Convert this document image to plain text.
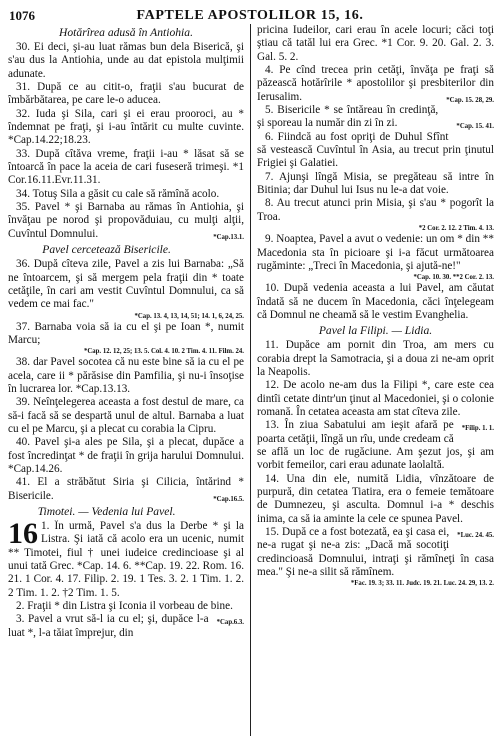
1076	FAPTELE APOSTOLILOR 15, 16.
Hotărîrea adusă în Antiohia.
30. Ei deci, şi-au luat rămas bun dela Biserică, şi s'au dus la Antiohia, unde au dat epistola mulţimii adunate.
31. După ce au citit-o, fraţii s'au bucurat de îmbărbătarea, pe care le-o aducea.
32. Iuda şi Sila, cari şi ei erau prooroci, au * îndemnat pe fraţi, şi i-au întărit cu multe cuvinte. *Cap.14.22;18.23.
33. După cîtăva vreme, fraţii i-au * lăsat să se întoarcă în pace la aceia de cari fuseseră trimeşi. *1 Cor.16.11.Evr.11.31.
34. Totuş Sila a găsit cu cale să rămînă acolo.
35. Pavel * şi Barnaba au rămas în Antiohia, şi învăţau pe norod şi propovăduiau, cu mulţi alţii, Cuvîntul Domnului.	*Cap.13.1.
Pavel cercetează Bisericile.
36. După cîteva zile, Pavel a zis lui Barnaba: „Să ne întoarcem, şi să mergem pela fraţii din * toate cetăţile, în cari am vestit Cuvîntul Domnului, ca să vedem ce mai fac."
*Cap. 13. 4, 13, 14, 51; 14. 1, 6, 24, 25.
37. Barnaba voia să ia cu el şi pe Ioan *, numit Marcu;
*Cap. 12. 12, 25; 13. 5. Col. 4. 10. 2 Tim. 4. 11. Film. 24.
38. dar Pavel socotea că nu este bine să ia cu el pe acela, care ii * părăsise din Pamfilia, şi nu-i însoţise în lucrarea lor. *Cap.13.13.
39. Neînţelegerea aceasta a fost destul de mare, ca să-i facă să se despartă unul de altul. Barnaba a luat cu el pe Marcu, şi a plecat cu corabia la Cipru.
40. Pavel şi-a ales pe Sila, şi a plecat, dupăce a fost încredinţat * de fraţii în grija harului Domnului. *Cap.14.26.
41. El a străbătut Siria şi Cilicia, întărind * Bisericile.	*Cap.16.5.
Timotei. — Vedenia lui Pavel.
16 1. În urmă, Pavel s'a dus la Derbe * şi la Listra. Şi iată că acolo era un ucenic, numit ** Timotei, fiul † unei iudeice credincioase şi al unui tată Grec. *Cap. 14. 6. **Cap. 19. 22. Rom. 16. 21. 1 Cor. 4. 17. Filip. 2. 19. 1 Tes. 3. 2. 1 Tim. 1. 2. 2 Tim. 1. 2. †2 Tim. 1. 5.
2. Fraţii * din Listra şi Iconia il vorbeau de bine.
*Cap.6.3.
3. Pavel a vrut să-l ia cu el; şi, dupăce l-a luat *, l-a tăiat împrejur, din
pricina Iudeilor, cari erau în acele locuri; căci toţi ştiau că tatăl lui era Grec. *1 Cor. 9. 20. Gal. 2. 3. Gal. 5. 2.
4. Pe cînd trecea prin cetăţi, învăţa pe fraţi să păzească hotărîrile * apostolilor şi presbiterilor din Ierusalim.	*Cap. 15. 28, 29.
5. Bisericile * se întăreau în credinţă, şi sporeau la număr din zi în zi.	*Cap. 15. 41.
6. Fiindcă au fost opriţi de Duhul Sfînt să vestească Cuvîntul în Asia, au trecut prin ţinutul Frigiei şi Galatiei.
7. Ajunşi lîngă Misia, se pregăteau să intre în Bitinia; dar Duhul lui Isus nu le-a dat voie.
8. Au trecut atunci prin Misia, şi s'au * pogorît la Troa.
*2 Cor. 2. 12. 2 Tim. 4. 13.
9. Noaptea, Pavel a avut o vedenie: un om * din ** Macedonia sta în picioare şi i-a făcut următoarea rugăminte: „Treci în Macedonia, şi ajută-ne!"
*Cap. 10. 30. **2 Cor. 2. 13.
10. După vedenia aceasta a lui Pavel, am căutat îndată să ne ducem în Macedonia, căci înţelegeam că Domnul ne cheamă să le vestim Evanghelia.
Pavel la Filipi. — Lidia.
11. Dupăce am pornit din Troa, am mers cu corabia drept la Samotracia, şi a doua zi ne-am oprit la Neapolis.
12. De acolo ne-am dus la Filipi *, care este cea dintîi cetate dintr'un ţinut al Macedoniei, şi o colonie romană. În cetatea aceasta am stat cîteva zile.
*Filip. 1. 1.
13. În ziua Sabatului am ieşit afară pe poarta cetăţii, lîngă un rîu, unde credeam că se află un loc de rugăciune. Am şezut jos, şi am vorbit femeilor, cari erau adunate laolaltă.
14. Una din ele, numită Lidia, vînzătoare de purpură, din cetatea Tiatira, era o femeie temătoare de Dumnezeu, şi asculta. Domnul i-a * deschis inima, ca să ia aminte la cele ce spunea Pavel.
*Luc. 24. 45.
15. După ce a fost botezată, ea şi casa ei, ne-a rugat şi ne-a zis: „Dacă mă socotiţi credincioasă Domnului, intraţi şi rămîneţi în casa mea." Şi ne-a silit să rămînem.
*Fac. 19. 3; 33. 11. Judc. 19. 21. Luc. 24. 29, 13. 2.
